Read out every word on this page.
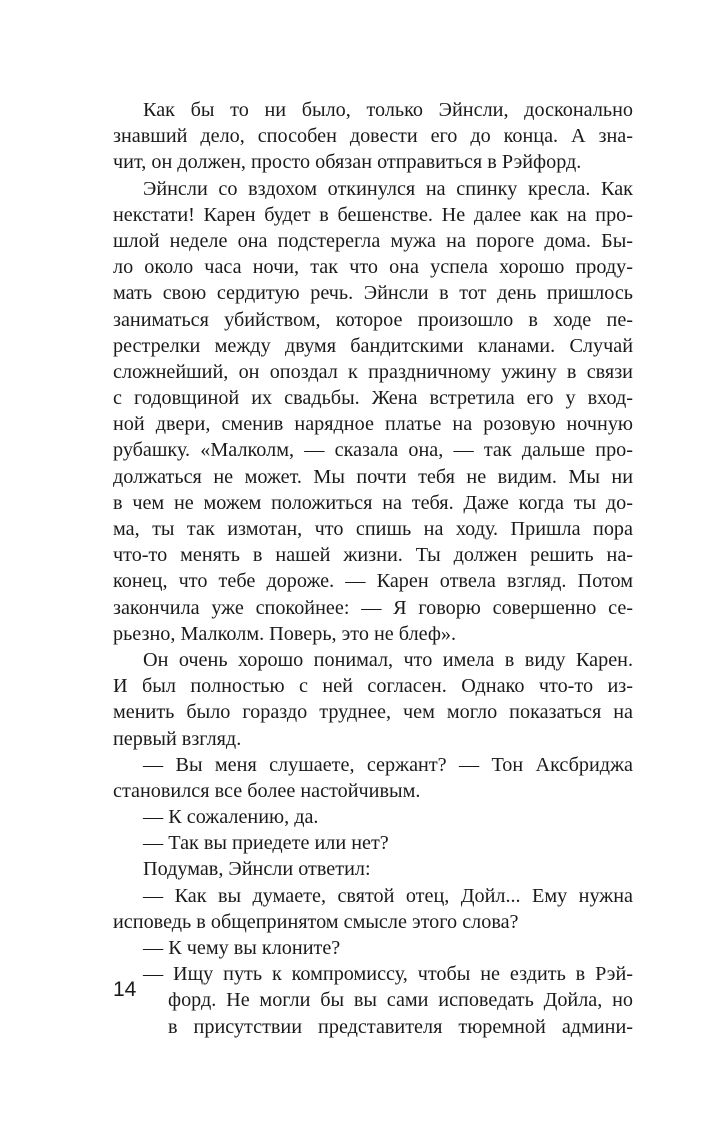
Как бы то ни было, только Эйнсли, досконально
знавший дело, способен довести его до конца. А зна-
чит, он должен, просто обязан отправиться в Рэйфорд.
Эйнсли со вздохом откинулся на спинку кресла. Как
некстати! Карен будет в бешенстве. Не далее как на про-
шлой неделе она подстерегла мужа на пороге дома. Бы-
ло около часа ночи, так что она успела хорошо проду-
мать свою сердитую речь. Эйнсли в тот день пришлось
заниматься убийством, которое произошло в ходе пе-
рестрелки между двумя бандитскими кланами. Случай
сложнейший, он опоздал к праздничному ужину в связи
с годовщиной их свадьбы. Жена встретила его у вход-
ной двери, сменив нарядное платье на розовую ночную
рубашку. «Малколм, — сказала она, — так дальше про-
должаться не может. Мы почти тебя не видим. Мы ни
в чем не можем положиться на тебя. Даже когда ты до-
ма, ты так измотан, что спишь на ходу. Пришла пора
что-то менять в нашей жизни. Ты должен решить на-
конец, что тебе дороже. — Карен отвела взгляд. Потом
закончила уже спокойнее: — Я говорю совершенно се-
рьезно, Малколм. Поверь, это не блеф».
Он очень хорошо понимал, что имела в виду Карен.
И был полностью с ней согласен. Однако что-то из-
менить было гораздо труднее, чем могло показаться на
первый взгляд.
— Вы меня слушаете, сержант? — Тон Аксбриджа
становился все более настойчивым.
— К сожалению, да.
— Так вы приедете или нет?
Подумав, Эйнсли ответил:
— Как вы думаете, святой отец, Дойл... Ему нужна
исповедь в общепринятом смысле этого слова?
— К чему вы клоните?
— Ищу путь к компромиссу, чтобы не ездить в Рэй-
форд. Не могли бы вы сами исповедать Дойла, но
в присутствии представителя тюремной админи-
14
